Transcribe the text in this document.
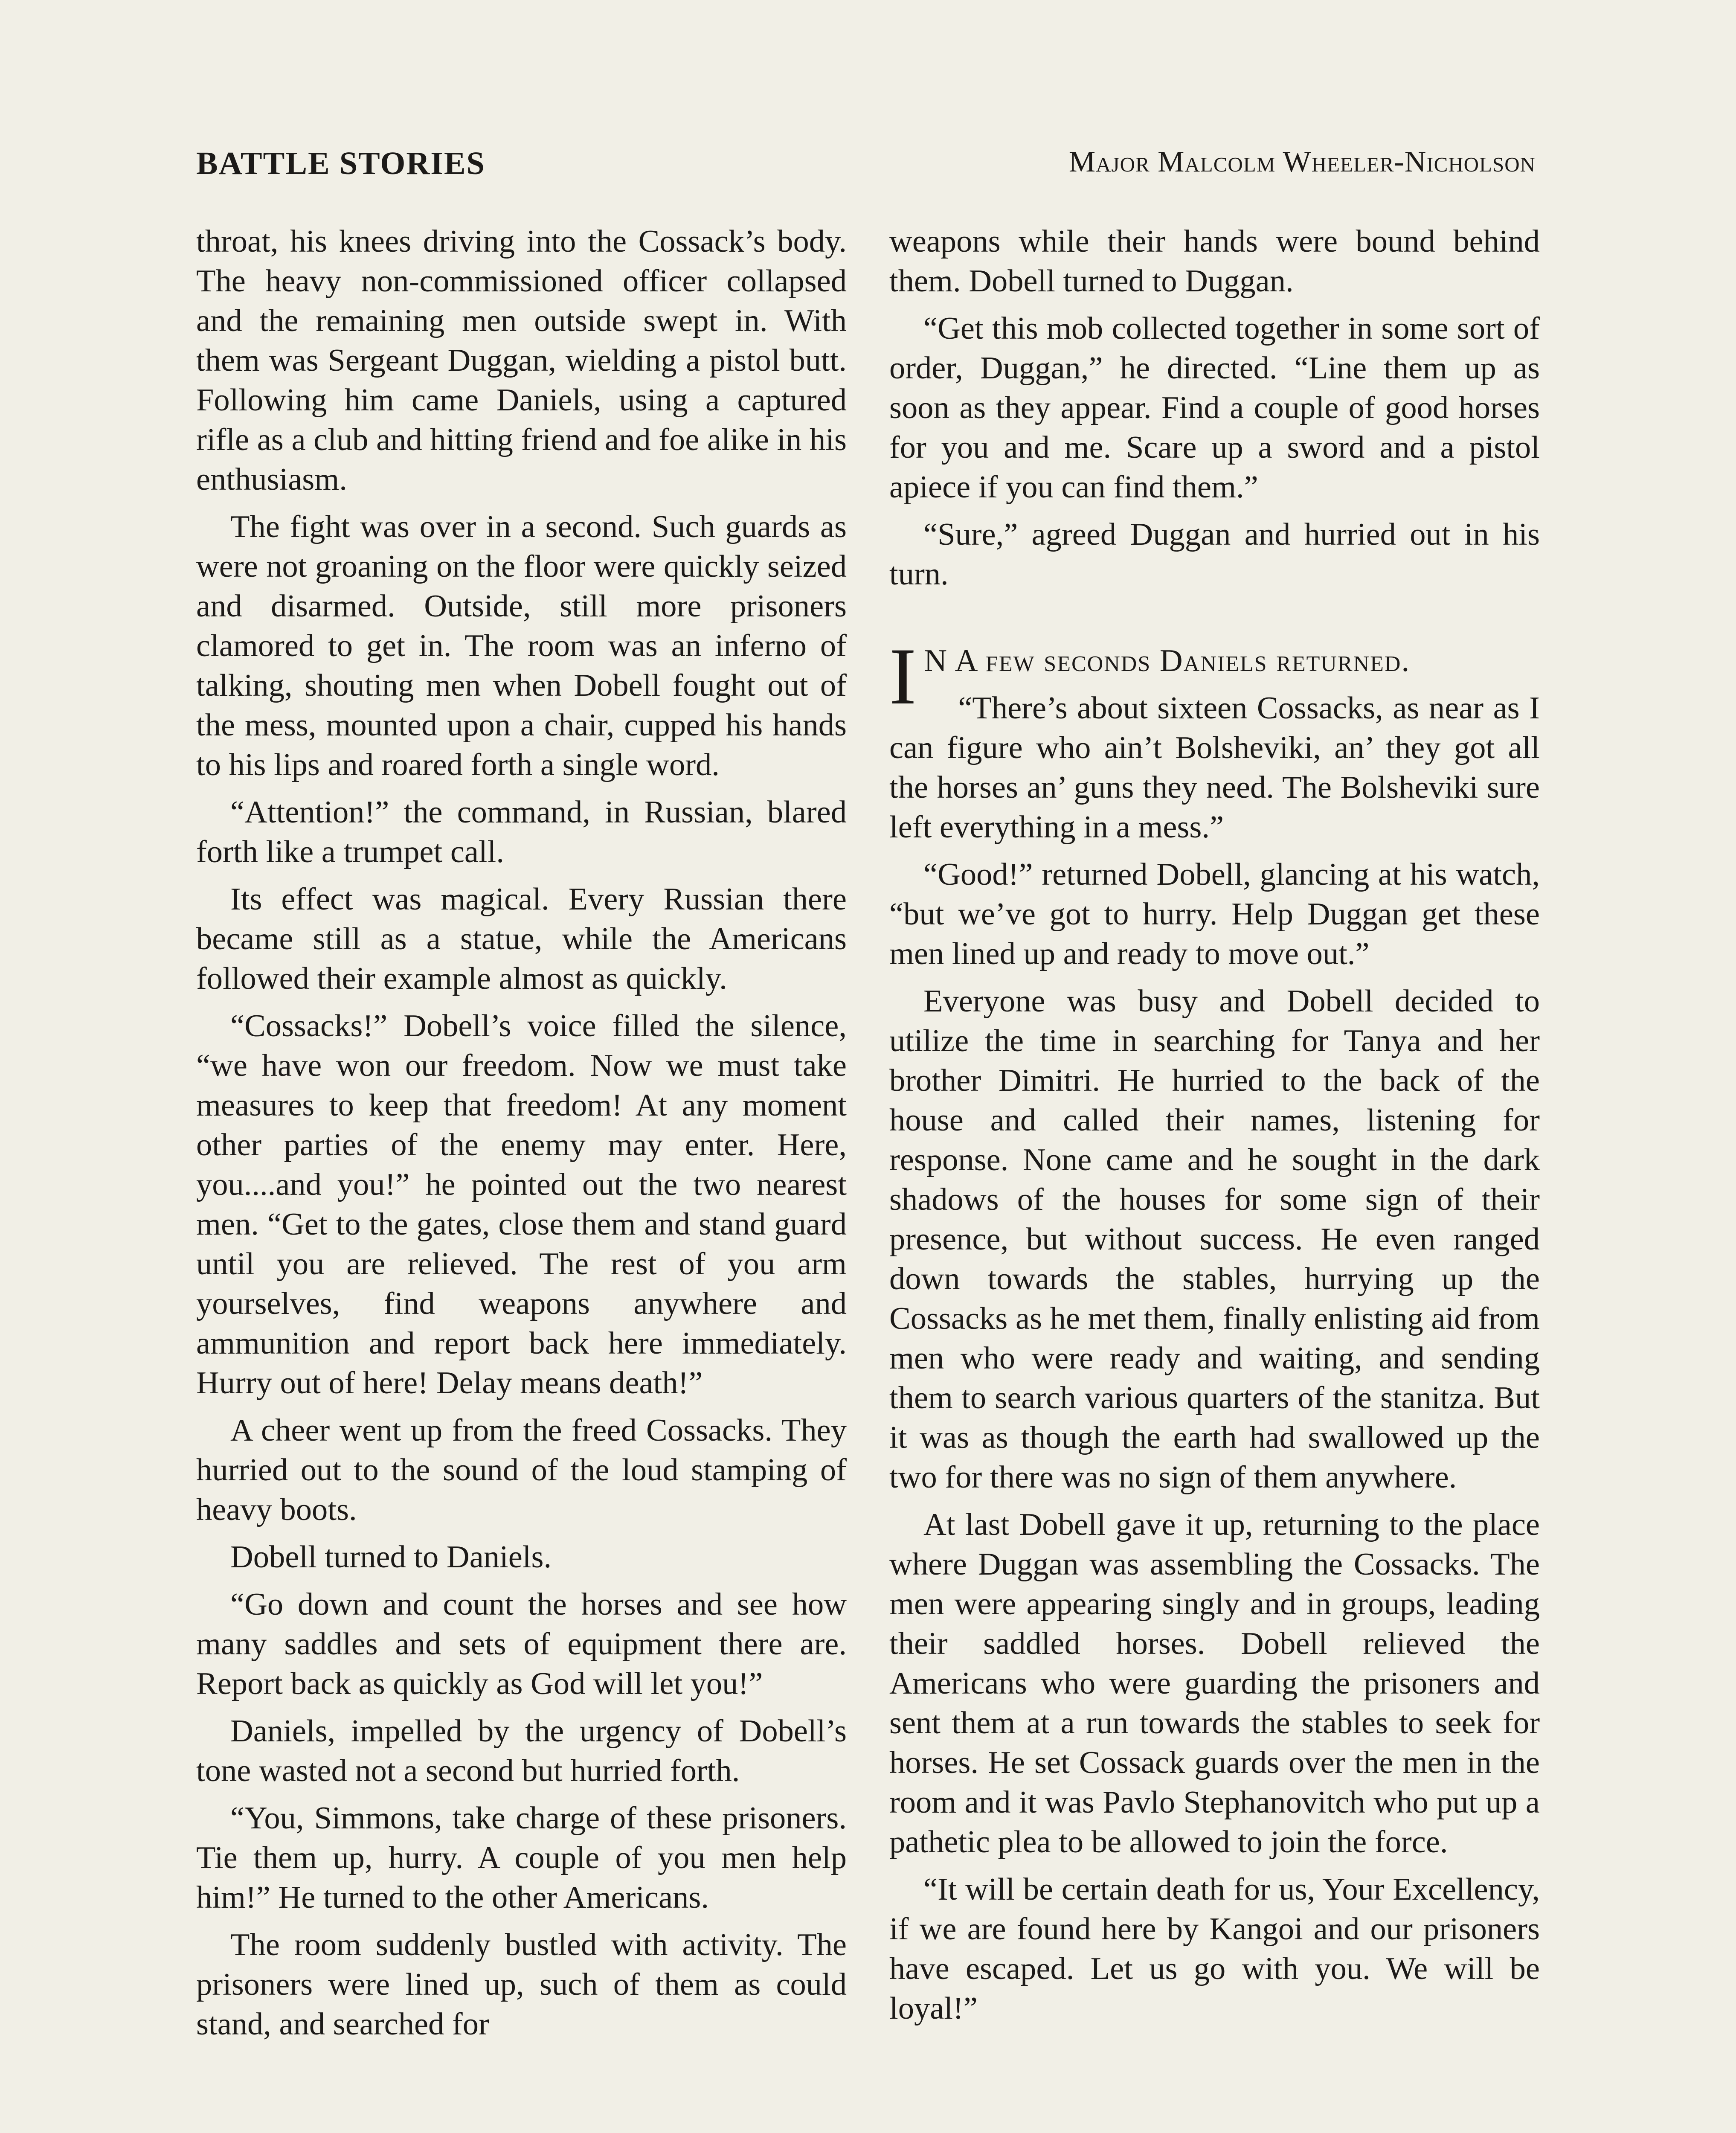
BATTLE STORIES	Major Malcolm Wheeler-Nicholson

throat, his knees driving into the Cossack’s body. The heavy non-commissioned officer collapsed and the remaining men outside swept in. With them was Sergeant Duggan, wielding a pistol butt. Following him came Daniels, using a captured rifle as a club and hitting friend and foe alike in his enthusiasm.

The fight was over in a second. Such guards as were not groaning on the floor were quickly seized and disarmed. Outside, still more prisoners clamored to get in. The room was an inferno of talking, shouting men when Dobell fought out of the mess, mounted upon a chair, cupped his hands to his lips and roared forth a single word.

“Attention!” the command, in Russian, blared forth like a trumpet call.

Its effect was magical. Every Russian there became still as a statue, while the Americans followed their example almost as quickly.

“Cossacks!” Dobell’s voice filled the silence, “we have won our freedom. Now we must take measures to keep that freedom! At any moment other parties of the enemy may enter. Here, you....and you!” he pointed out the two nearest men. “Get to the gates, close them and stand guard until you are relieved. The rest of you arm yourselves, find weapons anywhere and ammunition and report back here immediately. Hurry out of here! Delay means death!”

A cheer went up from the freed Cossacks. They hurried out to the sound of the loud stamping of heavy boots.

Dobell turned to Daniels.

“Go down and count the horses and see how many saddles and sets of equipment there are. Report back as quickly as God will let you!”

Daniels, impelled by the urgency of Dobell’s tone wasted not a second but hurried forth.

“You, Simmons, take charge of these prisoners. Tie them up, hurry. A couple of you men help him!” He turned to the other Americans.

The room suddenly bustled with activity. The prisoners were lined up, such of them as could stand, and searched for

weapons while their hands were bound behind them. Dobell turned to Duggan.

“Get this mob collected together in some sort of order, Duggan,” he directed. “Line them up as soon as they appear. Find a couple of good horses for you and me. Scare up a sword and a pistol apiece if you can find them.”

“Sure,” agreed Duggan and hurried out in his turn.

I N A few seconds Daniels returned.

“There’s about sixteen Cossacks, as near as I can figure who ain’t Bolsheviki, an’ they got all the horses an’ guns they need. The Bolsheviki sure left everything in a mess.”

“Good!” returned Dobell, glancing at his watch, “but we’ve got to hurry. Help Duggan get these men lined up and ready to move out.”

Everyone was busy and Dobell decided to utilize the time in searching for Tanya and her brother Dimitri. He hurried to the back of the house and called their names, listening for response. None came and he sought in the dark shadows of the houses for some sign of their presence, but without success. He even ranged down towards the stables, hurrying up the Cossacks as he met them, finally enlisting aid from men who were ready and waiting, and sending them to search various quarters of the stanitza. But it was as though the earth had swallowed up the two for there was no sign of them anywhere.

At last Dobell gave it up, returning to the place where Duggan was assembling the Cossacks. The men were appearing singly and in groups, leading their saddled horses. Dobell relieved the Americans who were guarding the prisoners and sent them at a run towards the stables to seek for horses. He set Cossack guards over the men in the room and it was Pavlo Stephanovitch who put up a pathetic plea to be allowed to join the force.

“It will be certain death for us, Your Excellency, if we are found here by Kangoi and our prisoners have escaped. Let us go with you. We will be loyal!”
